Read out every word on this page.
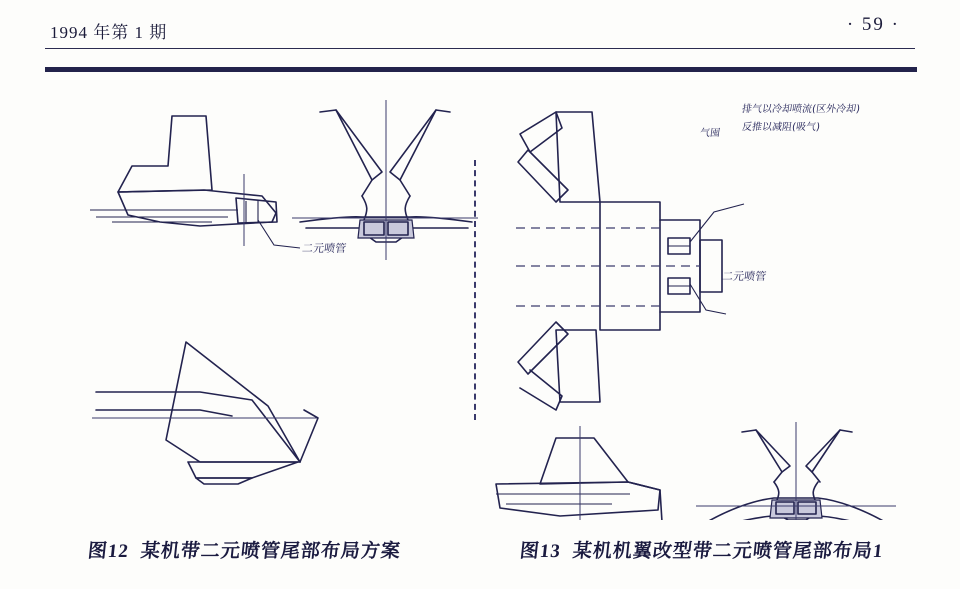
1994 年第 1 期	· 59 ·
二元喷管
排气以冷却喷流(区外冷却)
反推以减阻(吸气)
气囤
二元喷管
图12 某机带二元喷管尾部布局方案	图13 某机机翼改型带二元喷管尾部布局1
